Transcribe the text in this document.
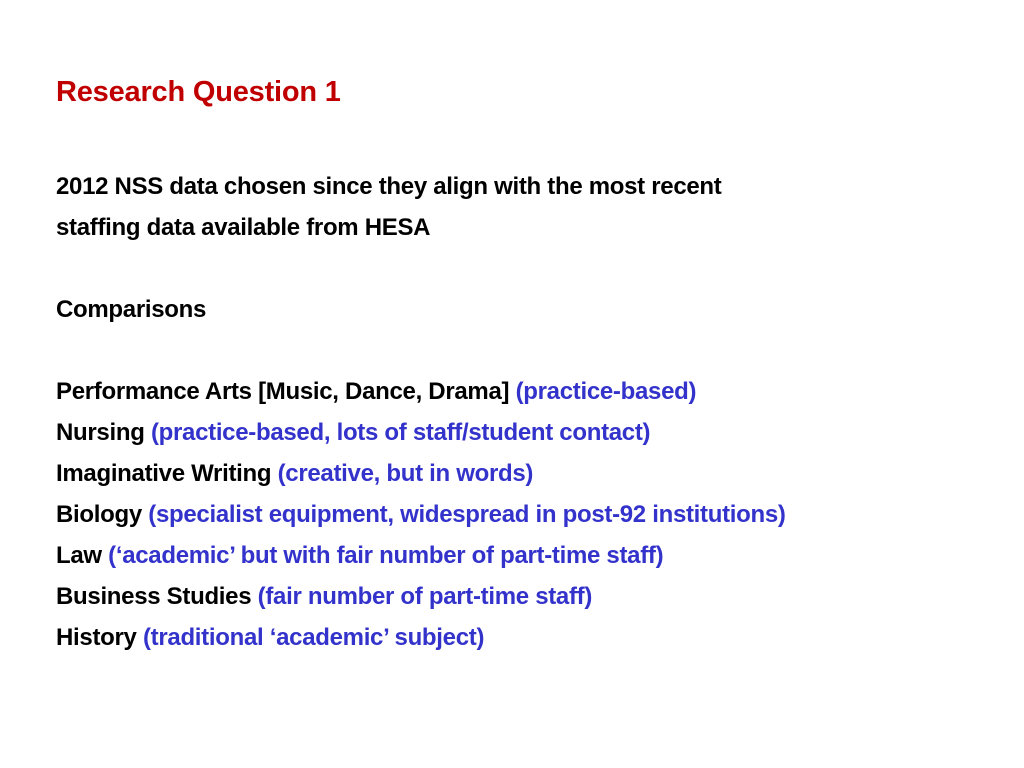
Research Question 1
2012 NSS data chosen since they align with the most recent
staffing data available from HESA
Comparisons
Performance Arts [Music, Dance, Drama] (practice-based)
Nursing (practice-based, lots of staff/student contact)
Imaginative Writing (creative, but in words)
Biology (specialist equipment, widespread in post-92 institutions)
Law (‘academic’ but with fair number of part-time staff)
Business Studies (fair number of part-time staff)
History (traditional ‘academic’ subject)
